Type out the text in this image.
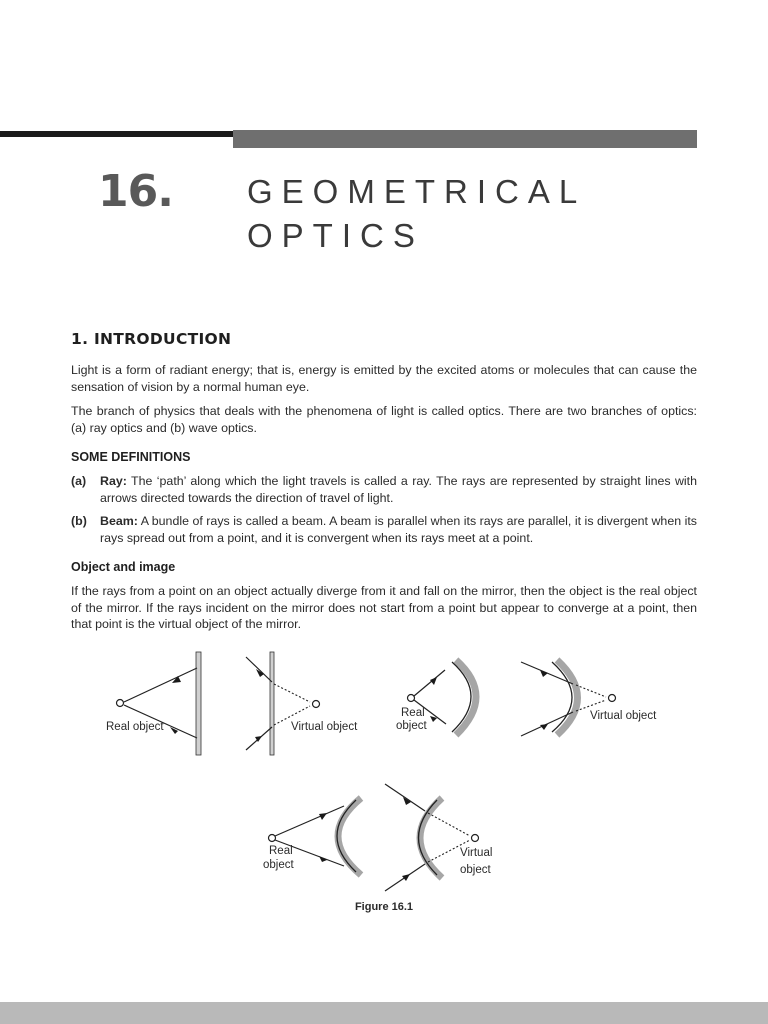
16. GEOMETRICAL
OPTICS
1. INTRODUCTION

Light is a form of radiant energy; that is, energy is emitted by the excited atoms or molecules that can cause the sensation of vision by a normal human eye.

The branch of physics that deals with the phenomena of light is called optics. There are two branches of optics: (a) ray optics and (b) wave optics.

SOME DEFINITIONS
(a)	Ray: The ‘path’ along which the light travels is called a ray. The rays are represented by straight lines with arrows directed towards the direction of travel of light.
(b)	Beam: A bundle of rays is called a beam. A beam is parallel when its rays are parallel, it is divergent when its rays spread out from a point, and it is convergent when its rays meet at a point.
Object and image

If the rays from a point on an object actually diverge from it and fall on the mirror, then the object is the real object of the mirror. If the rays incident on the mirror does not start from a point but appear to converge at a point, then that point is the virtual object of the mirror.

Real object	Virtual object
Real
object
Virtual object
Real
object
Virtual
object
Figure 16.1
